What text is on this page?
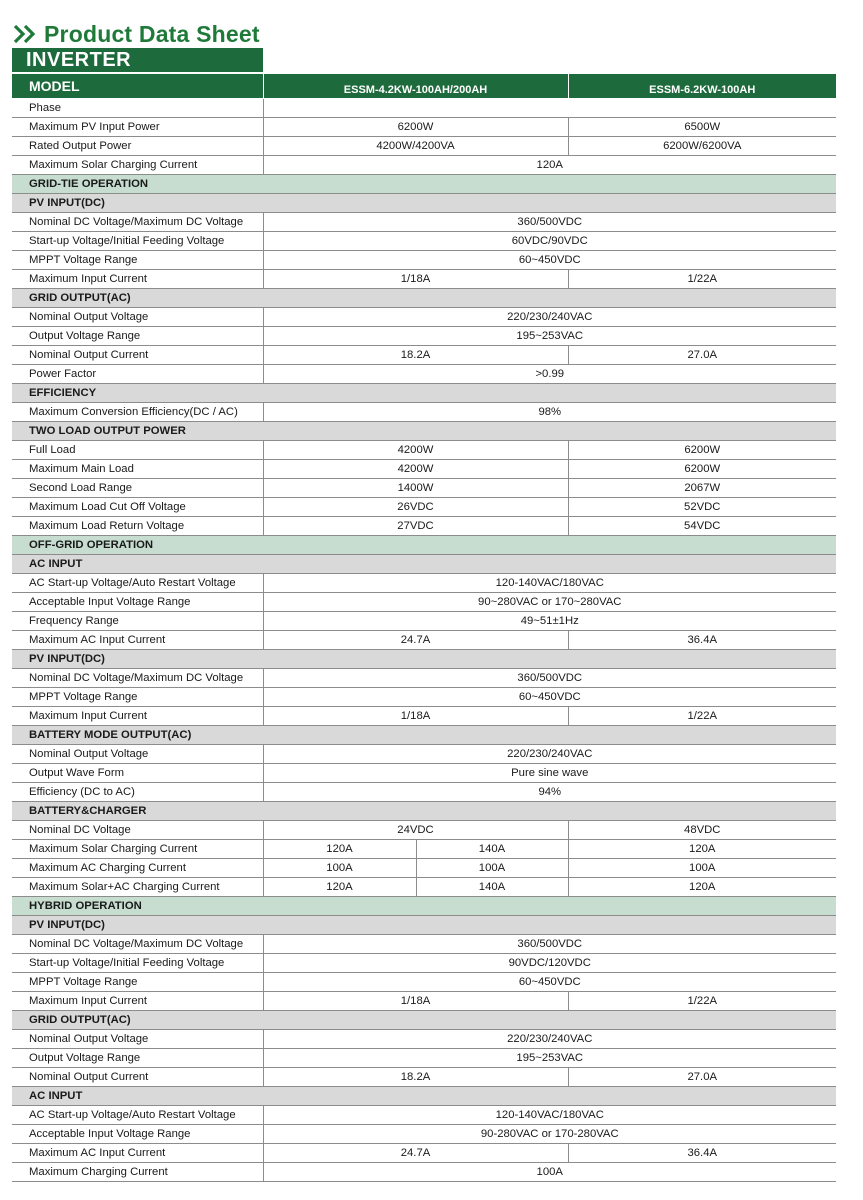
Product Data Sheet
INVERTER
MODEL	ESSM-4.2KW-100AH/200AH		ESSM-6.2KW-100AH
Phase			
Maximum PV Input Power	6200W		6500W
Rated Output Power	4200W/4200VA		6200W/6200VA
Maximum Solar Charging Current	120A		
GRID-TIE OPERATION			
PV INPUT(DC)			
Nominal DC Voltage/Maximum DC Voltage	360/500VDC		
Start-up Voltage/Initial Feeding Voltage	60VDC/90VDC		
MPPT Voltage Range	60~450VDC		
Maximum Input Current	1/18A		1/22A
GRID OUTPUT(AC)			
Nominal Output Voltage	220/230/240VAC		
Output Voltage Range	195~253VAC		
Nominal Output Current	18.2A		27.0A
Power Factor	>0.99		
EFFICIENCY			
Maximum Conversion Efficiency(DC / AC)	98%		
TWO LOAD OUTPUT POWER			
Full Load	4200W		6200W
Maximum Main Load	4200W		6200W
Second Load Range	1400W		2067W
Maximum Load Cut Off Voltage	26VDC		52VDC
Maximum Load Return Voltage	27VDC		54VDC
OFF-GRID OPERATION			
AC INPUT			
AC Start-up Voltage/Auto Restart Voltage	120-140VAC/180VAC		
Acceptable Input Voltage Range	90~280VAC or 170~280VAC		
Frequency Range	49~51±1Hz		
Maximum AC Input Current	24.7A		36.4A
PV INPUT(DC)			
Nominal DC Voltage/Maximum DC Voltage	360/500VDC		
MPPT Voltage Range	60~450VDC		
Maximum Input Current	1/18A		1/22A
BATTERY MODE OUTPUT(AC)			
Nominal Output Voltage	220/230/240VAC		
Output Wave Form	Pure sine wave		
Efficiency (DC to AC)	94%		
BATTERY&CHARGER			
Nominal DC Voltage	24VDC		48VDC
Maximum Solar Charging Current	120A	140A	120A
Maximum AC Charging Current	100A	100A	100A
Maximum Solar+AC Charging Current	120A	140A	120A
HYBRID OPERATION			
PV INPUT(DC)			
Nominal DC Voltage/Maximum DC Voltage	360/500VDC		
Start-up Voltage/Initial Feeding Voltage	90VDC/120VDC		
MPPT Voltage Range	60~450VDC		
Maximum Input Current	1/18A		1/22A
GRID OUTPUT(AC)			
Nominal Output Voltage	220/230/240VAC		
Output Voltage Range	195~253VAC		
Nominal Output Current	18.2A		27.0A
AC INPUT			
AC Start-up Voltage/Auto Restart Voltage	120-140VAC/180VAC		
Acceptable Input Voltage Range	90-280VAC or 170-280VAC		
Maximum AC Input Current	24.7A		36.4A
Maximum Charging Current	100A		
